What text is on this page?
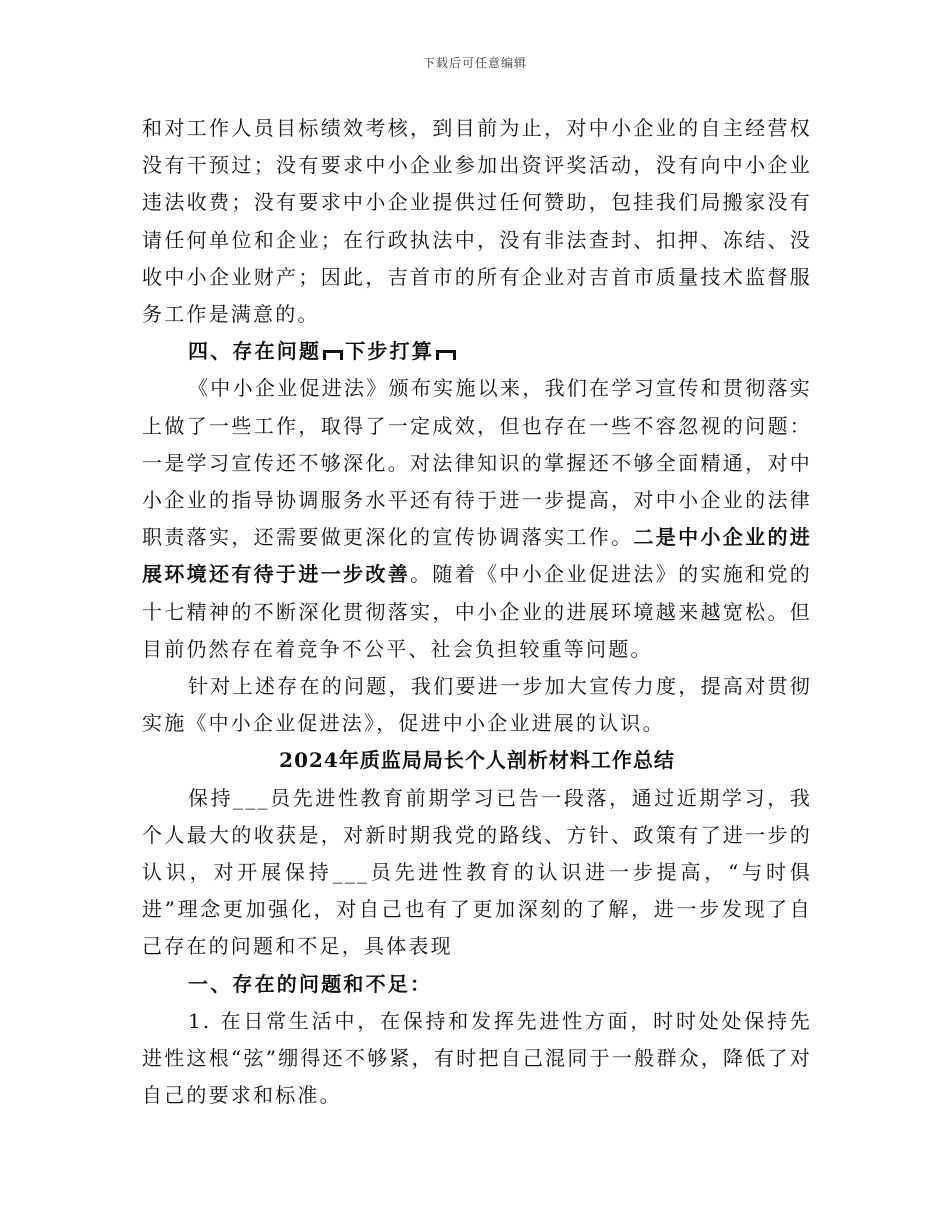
下载后可任意编辑

和对工作人员目标绩效考核，到目前为止，对中小企业的自主经营权没有干预过；没有要求中小企业参加出资评奖活动，没有向中小企业违法收费；没有要求中小企业提供过任何赞助，包挂我们局搬家没有请任何单位和企业；在行政执法中，没有非法查封、扣押、冻结、没收中小企业财产；因此，吉首市的所有企业对吉首市质量技术监督服务工作是满意的。

四、存在问题 下步打算

《中小企业促进法》颁布实施以来，我们在学习宣传和贯彻落实上做了一些工作，取得了一定成效，但也存在一些不容忽视的问题：一是学习宣传还不够深化。对法律知识的掌握还不够全面精通，对中小企业的指导协调服务水平还有待于进一步提高，对中小企业的法律职责落实，还需要做更深化的宣传协调落实工作。二是中小企业的进展环境还有待于进一步改善。随着《中小企业促进法》的实施和党的十七精神的不断深化贯彻落实，中小企业的进展环境越来越宽松。但目前仍然存在着竞争不公平、社会负担较重等问题。

针对上述存在的问题，我们要进一步加大宣传力度，提高对贯彻实施《中小企业促进法》，促进中小企业进展的认识。

2024年质监局局长个人剖析材料工作总结

保持___员先进性教育前期学习已告一段落，通过近期学习，我个人最大的收获是，对新时期我党的路线、方针、政策有了进一步的认识，对开展保持___员先进性教育的认识进一步提高，“与时俱进”理念更加强化，对自己也有了更加深刻的了解，进一步发现了自己存在的问题和不足，具体表现

一、存在的问题和不足：

1. 在日常生活中，在保持和发挥先进性方面，时时处处保持先进性这根“弦”绷得还不够紧，有时把自己混同于一般群众，降低了对自己的要求和标准。
